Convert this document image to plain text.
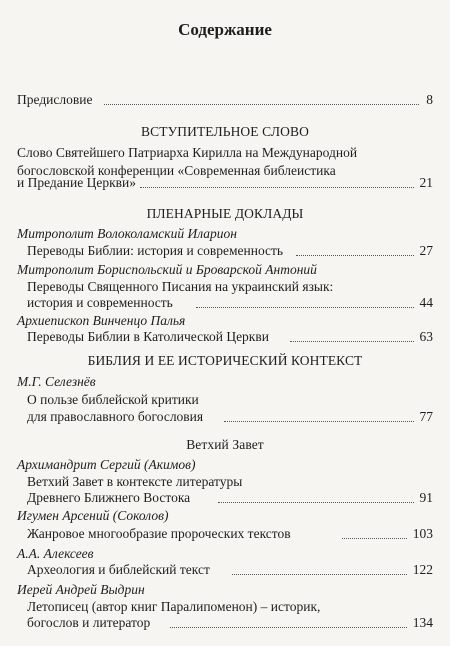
Содержание
Предисловие	8
ВСТУПИТЕЛЬНОЕ СЛОВО
Слово Святейшего Патриарха Кирилла на Международной
богословской конференции «Современная библеистика
и Предание Церкви»	21
ПЛЕНАРНЫЕ ДОКЛАДЫ
Митрополит Волоколамский Иларион
Переводы Библии: история и современность	27
Митрополит Бориспольский и Броварской Антоний
Переводы Священного Писания на украинский язык:
история и современность	44
Архиепископ Винченцо Палья
Переводы Библии в Католической Церкви	63
БИБЛИЯ И ЕЕ ИСТОРИЧЕСКИЙ КОНТЕКСТ
М.Г. Селезнёв
О пользе библейской критики
для православного богословия	77
Ветхий Завет
Архимандрит Сергий (Акимов)
Ветхий Завет в контексте литературы
Древнего Ближнего Востока	91
Игумен Арсений (Соколов)
Жанровое многообразие пророческих текстов	103
А.А. Алексеев
Археология и библейский текст	122
Иерей Андрей Выдрин
Летописец (автор книг Паралипоменон) – историк,
богослов и литератор	134
